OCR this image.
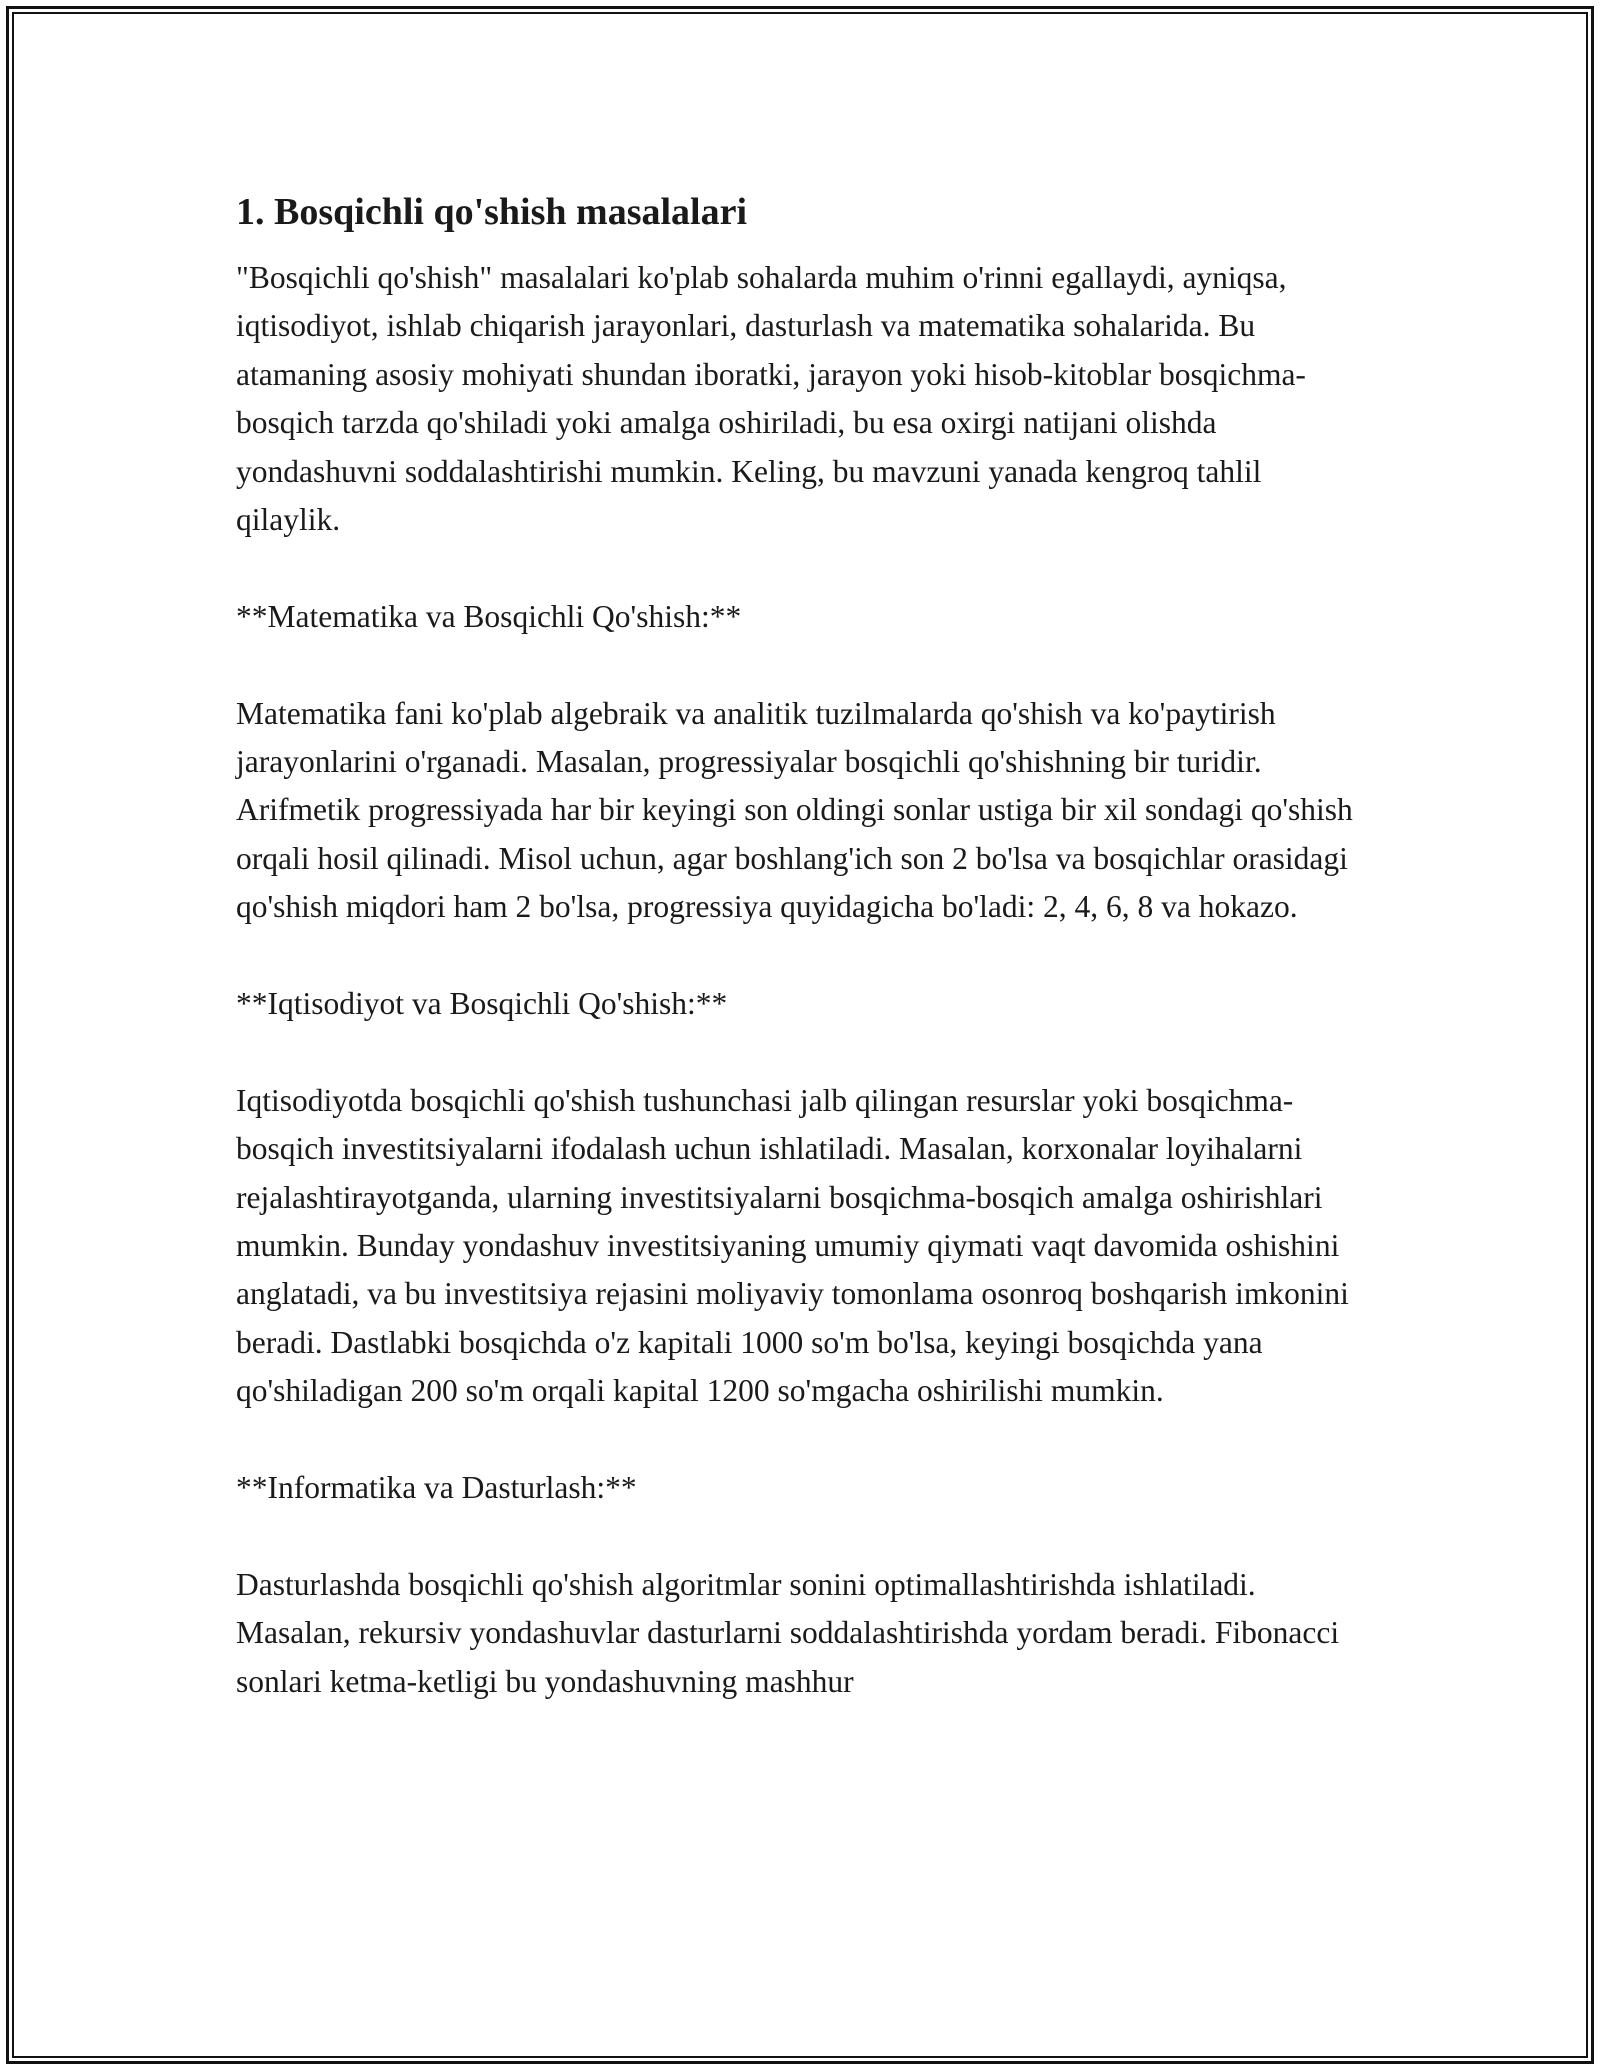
1. Bosqichli qo'shish masalalari

"Bosqichli qo'shish" masalalari ko'plab sohalarda muhim o'rinni egallaydi, ayniqsa, iqtisodiyot, ishlab chiqarish jarayonlari, dasturlash va matematika sohalarida. Bu atamaning asosiy mohiyati shundan iboratki, jarayon yoki hisob-kitoblar bosqichma-bosqich tarzda qo'shiladi yoki amalga oshiriladi, bu esa oxirgi natijani olishda yondashuvni soddalashtirishi mumkin. Keling, bu mavzuni yanada kengroq tahlil qilaylik.

**Matematika va Bosqichli Qo'shish:**

Matematika fani ko'plab algebraik va analitik tuzilmalarda qo'shish va ko'paytirish jarayonlarini o'rganadi. Masalan, progressiyalar bosqichli qo'shishning bir turidir. Arifmetik progressiyada har bir keyingi son oldingi sonlar ustiga bir xil sondagi qo'shish orqali hosil qilinadi. Misol uchun, agar boshlang'ich son 2 bo'lsa va bosqichlar orasidagi qo'shish miqdori ham 2 bo'lsa, progressiya quyidagicha bo'ladi: 2, 4, 6, 8 va hokazo.

**Iqtisodiyot va Bosqichli Qo'shish:**

Iqtisodiyotda bosqichli qo'shish tushunchasi jalb qilingan resurslar yoki bosqichma-bosqich investitsiyalarni ifodalash uchun ishlatiladi. Masalan, korxonalar loyihalarni rejalashtirayotganda, ularning investitsiyalarni bosqichma-bosqich amalga oshirishlari mumkin. Bunday yondashuv investitsiyaning umumiy qiymati vaqt davomida oshishini anglatadi, va bu investitsiya rejasini moliyaviy tomonlama osonroq boshqarish imkonini beradi. Dastlabki bosqichda o'z kapitali 1000 so'm bo'lsa, keyingi bosqichda yana qo'shiladigan 200 so'm orqali kapital 1200 so'mgacha oshirilishi mumkin.

**Informatika va Dasturlash:**

Dasturlashda bosqichli qo'shish algoritmlar sonini optimallashtirishda ishlatiladi. Masalan, rekursiv yondashuvlar dasturlarni soddalashtirishda yordam beradi. Fibonacci sonlari ketma-ketligi bu yondashuvning mashhur
